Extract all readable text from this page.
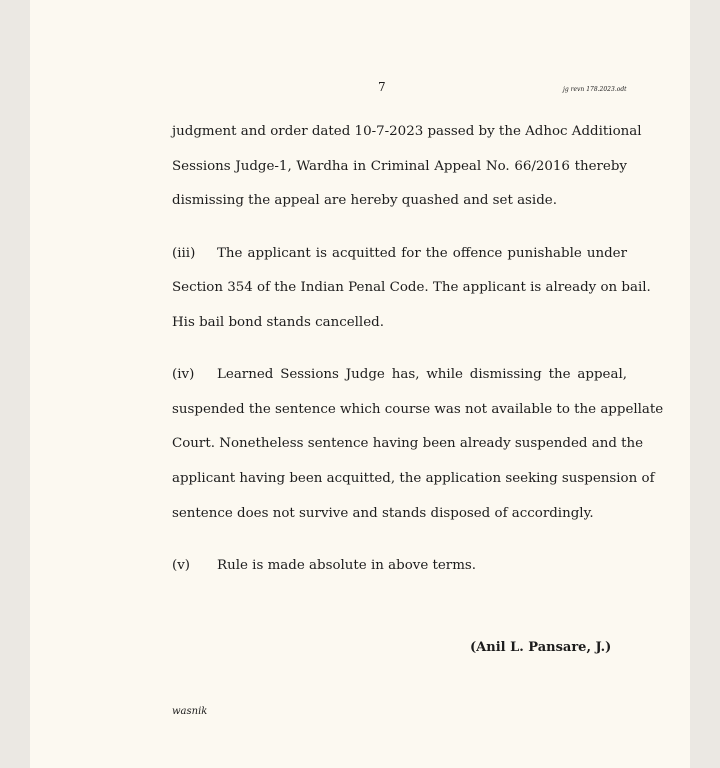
7	jg revn 178.2023.odt
judgment and order dated 10-7-2023 passed by the Adhoc Additional
Sessions Judge-1, Wardha in Criminal Appeal No. 66/2016 thereby
dismissing the appeal are hereby quashed and set aside.
(iii)	The applicant is acquitted for the offence punishable under
Section 354 of the Indian Penal Code. The applicant is already on bail.
His bail bond stands cancelled.
(iv)	Learned Sessions Judge has, while dismissing the appeal,
suspended the sentence which course was not available to the appellate
Court. Nonetheless sentence having been already suspended and the
applicant having been acquitted, the application seeking suspension of
sentence does not survive and stands disposed of accordingly.
(v) Rule is made absolute in above terms.
(Anil L. Pansare, J.)
wasnik
